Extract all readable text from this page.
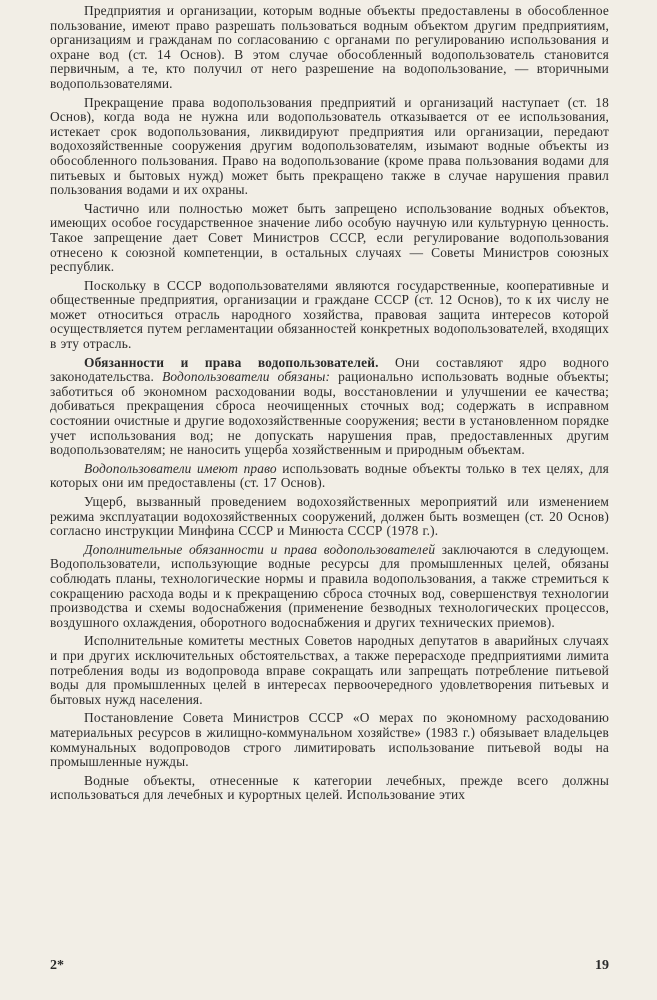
Предприятия и организации, которым водные объекты предоставлены в обособленное пользование, имеют право разрешать пользоваться водным объектом другим предприятиям, организациям и гражданам по согласованию с органами по регулированию использования и охране вод (ст. 14 Основ). В этом случае обособленный водопользователь становится первичным, а те, кто получил от него разрешение на водопользование, — вторичными водопользователями.

Прекращение права водопользования предприятий и организаций наступает (ст. 18 Основ), когда вода не нужна или водопользователь отказывается от ее использования, истекает срок водопользования, ликвидируют предприятия или организации, передают водохозяйственные сооружения другим водопользователям, изымают водные объекты из обособленного пользования. Право на водопользование (кроме права пользования водами для питьевых и бытовых нужд) может быть прекращено также в случае нарушения правил пользования водами и их охраны.

Частично или полностью может быть запрещено использование водных объектов, имеющих особое государственное значение либо особую научную или культурную ценность. Такое запрещение дает Совет Министров СССР, если регулирование водопользования отнесено к союзной компетенции, в остальных случаях — Советы Министров союзных республик.

Поскольку в СССР водопользователями являются государственные, кооперативные и общественные предприятия, организации и граждане СССР (ст. 12 Основ), то к их числу не может относиться отрасль народного хозяйства, правовая защита интересов которой осуществляется путем регламентации обязанностей конкретных водопользователей, входящих в эту отрасль.

Обязанности и права водопользователей. Они составляют ядро водного законодательства. Водопользователи обязаны: рационально использовать водные объекты; заботиться об экономном расходовании воды, восстановлении и улучшении ее качества; добиваться прекращения сброса неочищенных сточных вод; содержать в исправном состоянии очистные и другие водохозяйственные сооружения; вести в установленном порядке учет использования вод; не допускать нарушения прав, предоставленных другим водопользователям; не наносить ущерба хозяйственным и природным объектам.

Водопользователи имеют право использовать водные объекты только в тех целях, для которых они им предоставлены (ст. 17 Основ).

Ущерб, вызванный проведением водохозяйственных мероприятий или изменением режима эксплуатации водохозяйственных сооружений, должен быть возмещен (ст. 20 Основ) согласно инструкции Минфина СССР и Минюста СССР (1978 г.).

Дополнительные обязанности и права водопользователей заключаются в следующем. Водопользователи, использующие водные ресурсы для промышленных целей, обязаны соблюдать планы, технологические нормы и правила водопользования, а также стремиться к сокращению расхода воды и к прекращению сброса сточных вод, совершенствуя технологии производства и схемы водоснабжения (применение безводных технологических процессов, воздушного охлаждения, оборотного водоснабжения и других технических приемов).

Исполнительные комитеты местных Советов народных депутатов в аварийных случаях и при других исключительных обстоятельствах, а также перерасходе предприятиями лимита потребления воды из водопровода вправе сокращать или запрещать потребление питьевой воды для промышленных целей в интересах первоочередного удовлетворения питьевых и бытовых нужд населения.

Постановление Совета Министров СССР «О мерах по экономному расходованию материальных ресурсов в жилищно-коммунальном хозяйстве» (1983 г.) обязывает владельцев коммунальных водопроводов строго лимитировать использование питьевой воды на промышленные нужды.

Водные объекты, отнесенные к категории лечебных, прежде всего должны использоваться для лечебных и курортных целей. Использование этих

2*	19
